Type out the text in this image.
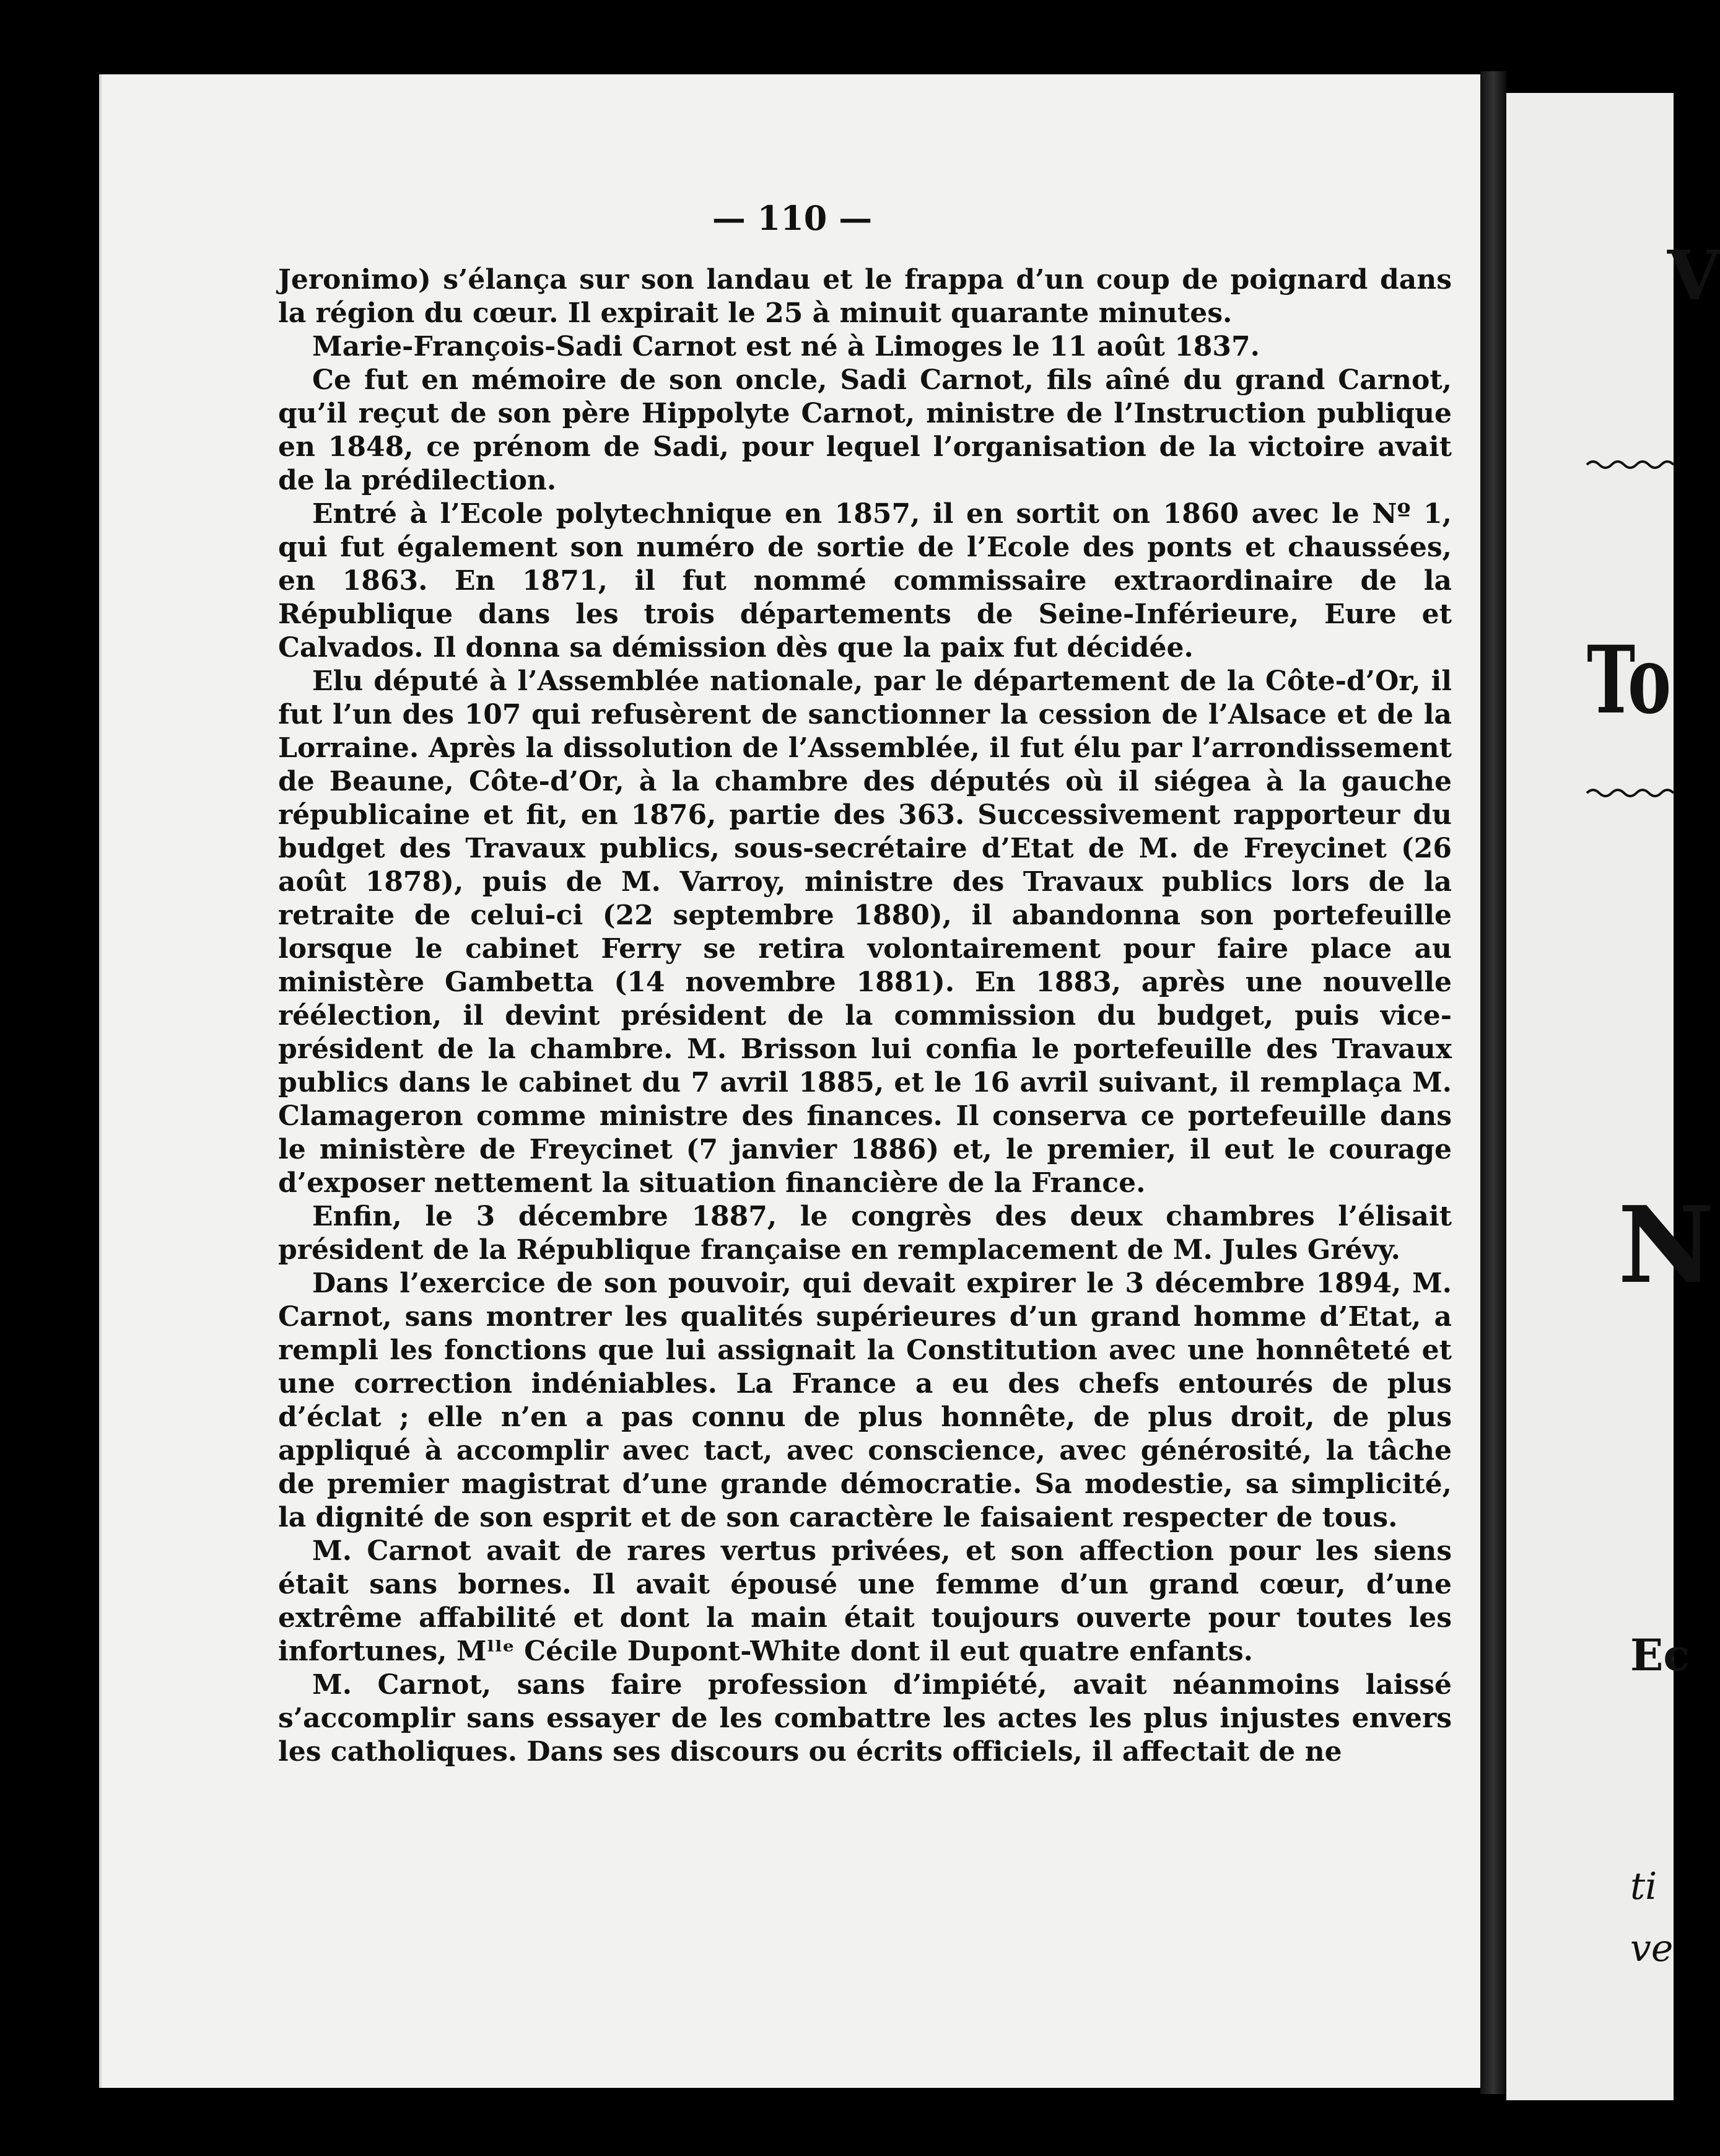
— 110 —

Jeronimo) s’élança sur son landau et le frappa d’un coup de poignard dans la région du cœur. Il expirait le 25 à minuit quarante minutes.

Marie-François-Sadi Carnot est né à Limoges le 11 août 1837.

Ce fut en mémoire de son oncle, Sadi Carnot, fils aîné du grand Carnot, qu’il reçut de son père Hippolyte Carnot, ministre de l’Instruction publique en 1848, ce prénom de Sadi, pour lequel l’organisation de la victoire avait de la prédilection.

Entré à l’Ecole polytechnique en 1857, il en sortit on 1860 avec le Nº 1, qui fut également son numéro de sortie de l’Ecole des ponts et chaussées, en 1863. En 1871, il fut nommé commissaire extraordinaire de la République dans les trois départements de Seine-Inférieure, Eure et Calvados. Il donna sa démission dès que la paix fut décidée.

Elu député à l’Assemblée nationale, par le département de la Côte-d’Or, il fut l’un des 107 qui refusèrent de sanctionner la cession de l’Alsace et de la Lorraine. Après la dissolution de l’Assemblée, il fut élu par l’arrondissement de Beaune, Côte-d’Or, à la chambre des députés où il siégea à la gauche républicaine et fit, en 1876, partie des 363. Successivement rapporteur du budget des Travaux publics, sous-secrétaire d’Etat de M. de Freycinet (26 août 1878), puis de M. Varroy, ministre des Travaux publics lors de la retraite de celui-ci (22 septembre 1880), il abandonna son portefeuille lorsque le cabinet Ferry se retira volontairement pour faire place au ministère Gambetta (14 novembre 1881). En 1883, après une nouvelle réélection, il devint président de la commission du budget, puis vice-président de la chambre. M. Brisson lui confia le portefeuille des Travaux publics dans le cabinet du 7 avril 1885, et le 16 avril suivant, il remplaça M. Clamageron comme ministre des finances. Il conserva ce portefeuille dans le ministère de Freycinet (7 janvier 1886) et, le premier, il eut le courage d’exposer nettement la situation financière de la France.

Enfin, le 3 décembre 1887, le congrès des deux chambres l’élisait président de la République française en remplacement de M. Jules Grévy.

Dans l’exercice de son pouvoir, qui devait expirer le 3 décembre 1894, M. Carnot, sans montrer les qualités supérieures d’un grand homme d’Etat, a rempli les fonctions que lui assignait la Constitution avec une honnêteté et une correction indéniables. La France a eu des chefs entourés de plus d’éclat ; elle n’en a pas connu de plus honnête, de plus droit, de plus appliqué à accomplir avec tact, avec conscience, avec générosité, la tâche de premier magistrat d’une grande démocratie. Sa modestie, sa simplicité, la dignité de son esprit et de son caractère le faisaient respecter de tous.

M. Carnot avait de rares vertus privées, et son affection pour les siens était sans bornes. Il avait épousé une femme d’un grand cœur, d’une extrême affabilité et dont la main était toujours ouverte pour toutes les infortunes, Mˡˡᵉ Cécile Dupont-White dont il eut quatre enfants.

M. Carnot, sans faire profession d’impiété, avait néanmoins laissé s’accomplir sans essayer de les combattre les actes les plus injustes envers les catholiques. Dans ses discours ou écrits officiels, il affectait de ne

V
To
N
Ec
ti
ve
